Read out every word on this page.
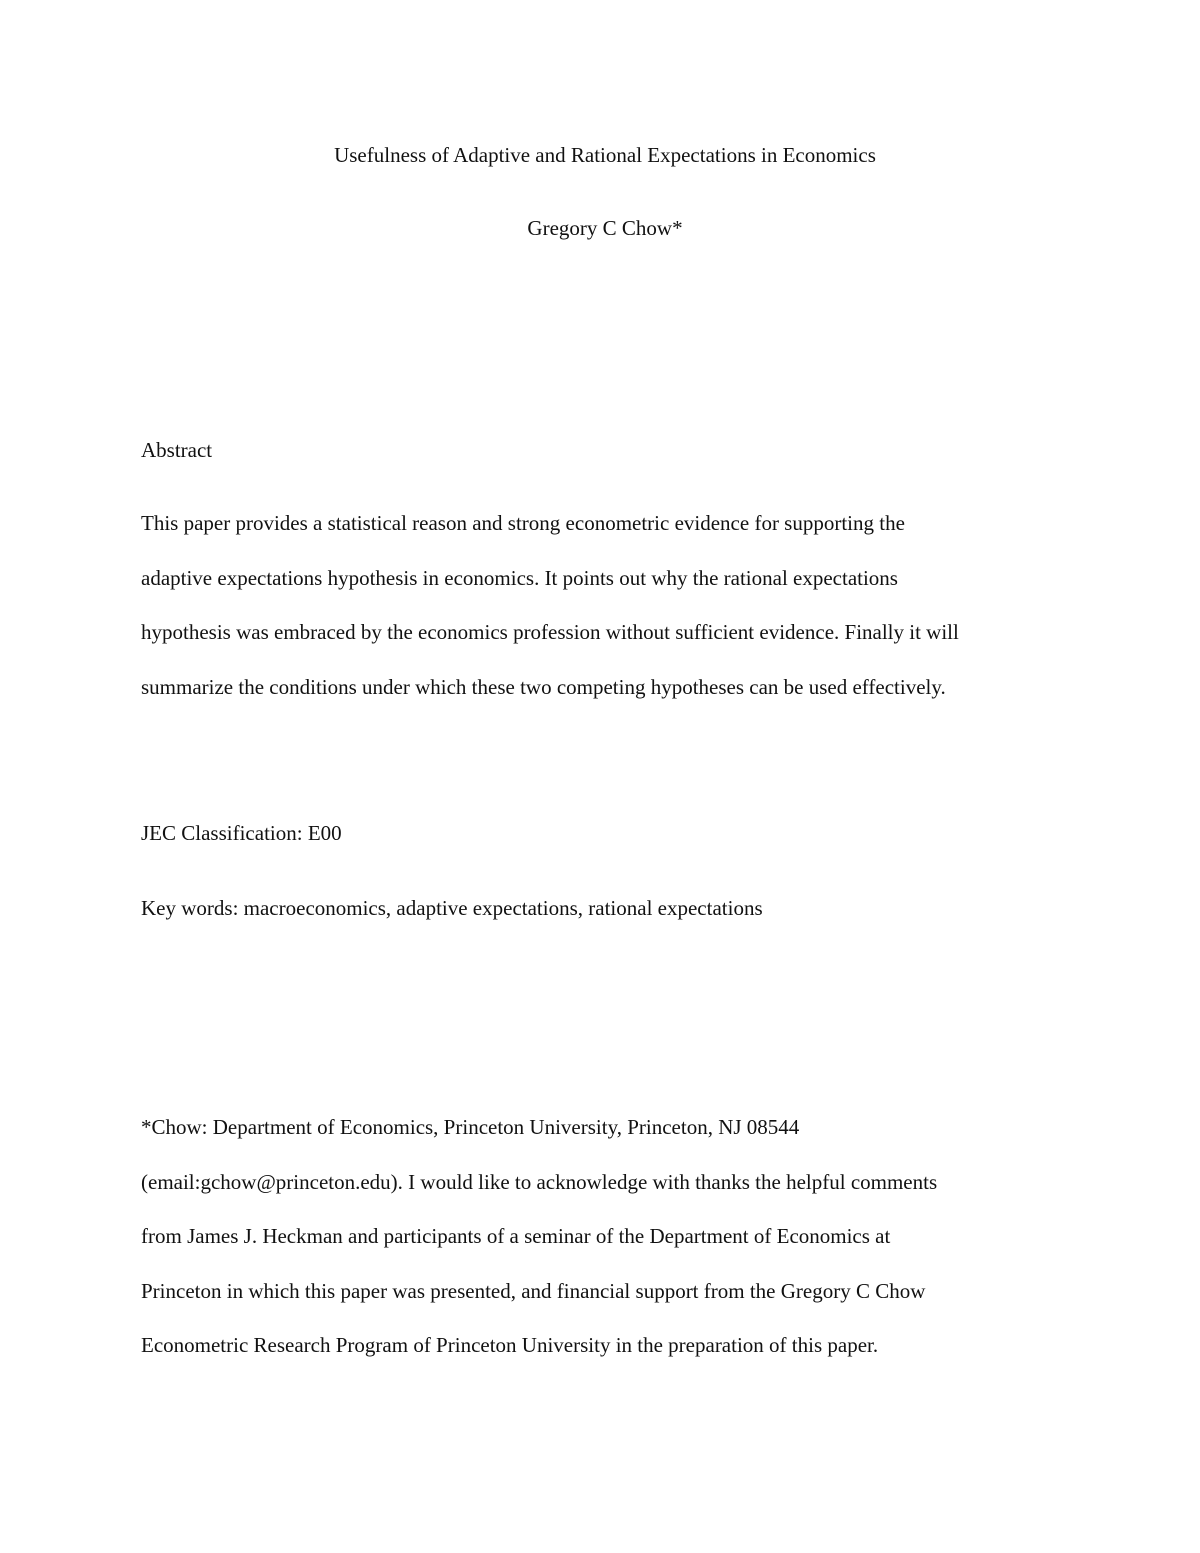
Usefulness of Adaptive and Rational Expectations in Economics
Gregory C Chow*
Abstract
This paper provides a statistical reason and strong econometric evidence for supporting the
adaptive expectations hypothesis in economics. It points out why the rational expectations
hypothesis was embraced by the economics profession without sufficient evidence. Finally it will
summarize the conditions under which these two competing hypotheses can be used effectively.
JEC Classification: E00
Key words: macroeconomics, adaptive expectations, rational expectations
*Chow: Department of Economics, Princeton University, Princeton, NJ 08544
(email:gchow@princeton.edu). I would like to acknowledge with thanks the helpful comments
from James J. Heckman and participants of a seminar of the Department of Economics at
Princeton in which this paper was presented, and financial support from the Gregory C Chow
Econometric Research Program of Princeton University in the preparation of this paper.
